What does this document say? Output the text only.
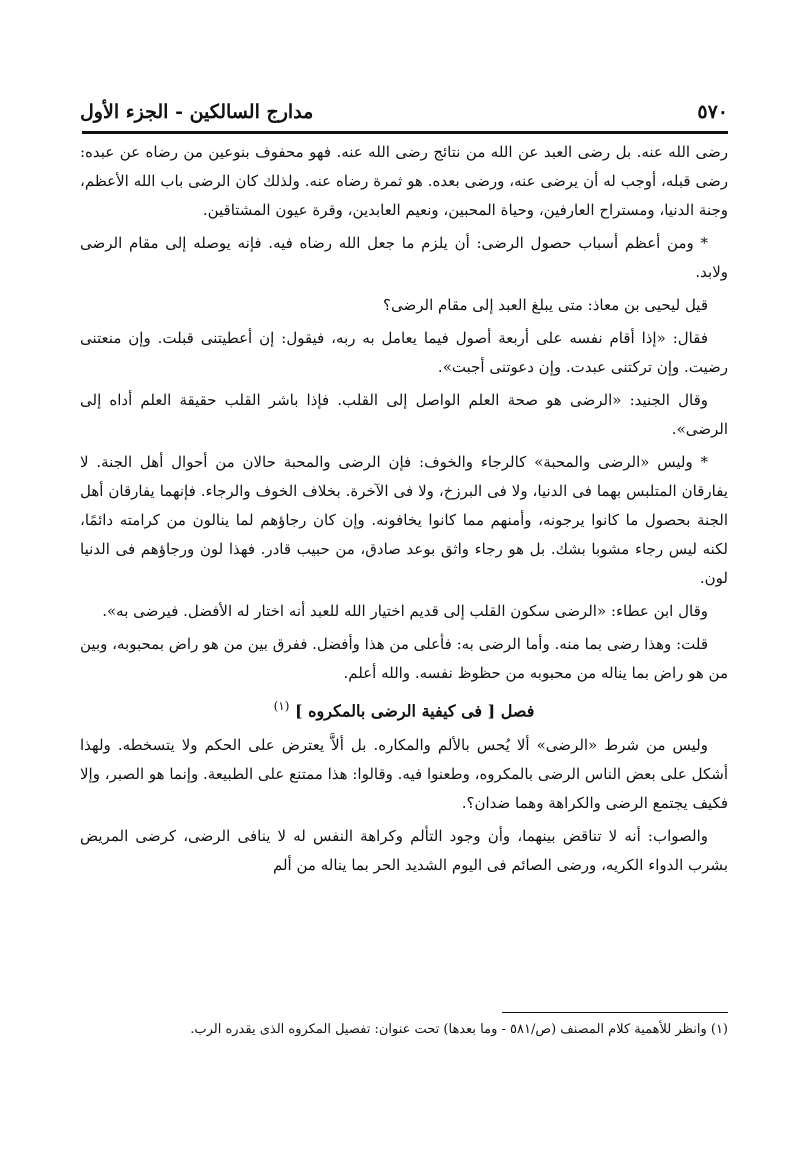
٥٧٠
مدارج السالكين - الجزء الأول

رضى الله عنه. بل رضى العبد عن الله من نتائج رضى الله عنه. فهو محفوف بنوعين من رضاه عن عبده: رضى قبله، أوجب له أن يرضى عنه، ورضى بعده. هو ثمرة رضاه عنه. ولذلك كان الرضى باب الله الأعظم، وجنة الدنيا، ومستراح العارفين، وحياة المحبين، ونعيم العابدين، وقرة عيون المشتاقين.

* ومن أعظم أسباب حصول الرضى: أن يلزم ما جعل الله رضاه فيه. فإنه يوصله إلى مقام الرضى ولابد.

قيل ليحيى بن معاذ: متى يبلغ العبد إلى مقام الرضى؟

فقال: «إذا أقام نفسه على أربعة أصول فيما يعامل به ربه، فيقول: إن أعطيتنى قبلت. وإن منعتنى رضيت. وإن تركتنى عبدت. وإن دعوتنى أجبت».

وقال الجنيد: «الرضى هو صحة العلم الواصل إلى القلب. فإذا باشر القلب حقيقة العلم أداه إلى الرضى».

* وليس «الرضى والمحبة» كالرجاء والخوف: فإن الرضى والمحبة حالان من أحوال أهل الجنة. لا يفارقان المتلبس بهما فى الدنيا، ولا فى البرزخ، ولا فى الآخرة. بخلاف الخوف والرجاء. فإنهما يفارقان أهل الجنة بحصول ما كانوا يرجونه، وأمنهم مما كانوا يخافونه. وإن كان رجاؤهم لما ينالون من كرامته دائمًا، لكنه ليس رجاء مشوبا بشك. بل هو رجاء واثق بوعد صادق، من حبيب قادر. فهذا لون ورجاؤهم فى الدنيا لون.

وقال ابن عطاء: «الرضى سكون القلب إلى قديم اختيار الله للعبد أنه اختار له الأفضل. فيرضى به».

قلت: وهذا رضى بما منه. وأما الرضى به: فأعلى من هذا وأفضل. ففرق بين من هو راض بمحبوبه، وبين من هو راض بما يناله من محبوبه من حظوظ نفسه. والله أعلم.

فصل [ فى كيفية الرضى بالمكروه ] $^{(١)}$

وليس من شرط «الرضى» ألا يُحس بالألم والمكاره. بل ألاَّ يعترض على الحكم ولا يتسخطه. ولهذا أشكل على بعض الناس الرضى بالمكروه، وطعنوا فيه. وقالوا: هذا ممتنع على الطبيعة. وإنما هو الصبر، وإلا فكيف يجتمع الرضى والكراهة وهما ضدان؟.

والصواب: أنه لا تناقض بينهما، وأن وجود التألم وكراهة النفس له لا ينافى الرضى، كرضى المريض بشرب الدواء الكريه، ورضى الصائم فى اليوم الشديد الحر بما يناله من ألم

(١) وانظر للأهمية كلام المصنف (ص/٥٨١ - وما بعدها) تحت عنوان: تفصيل المكروه الذى يقدره الرب.
